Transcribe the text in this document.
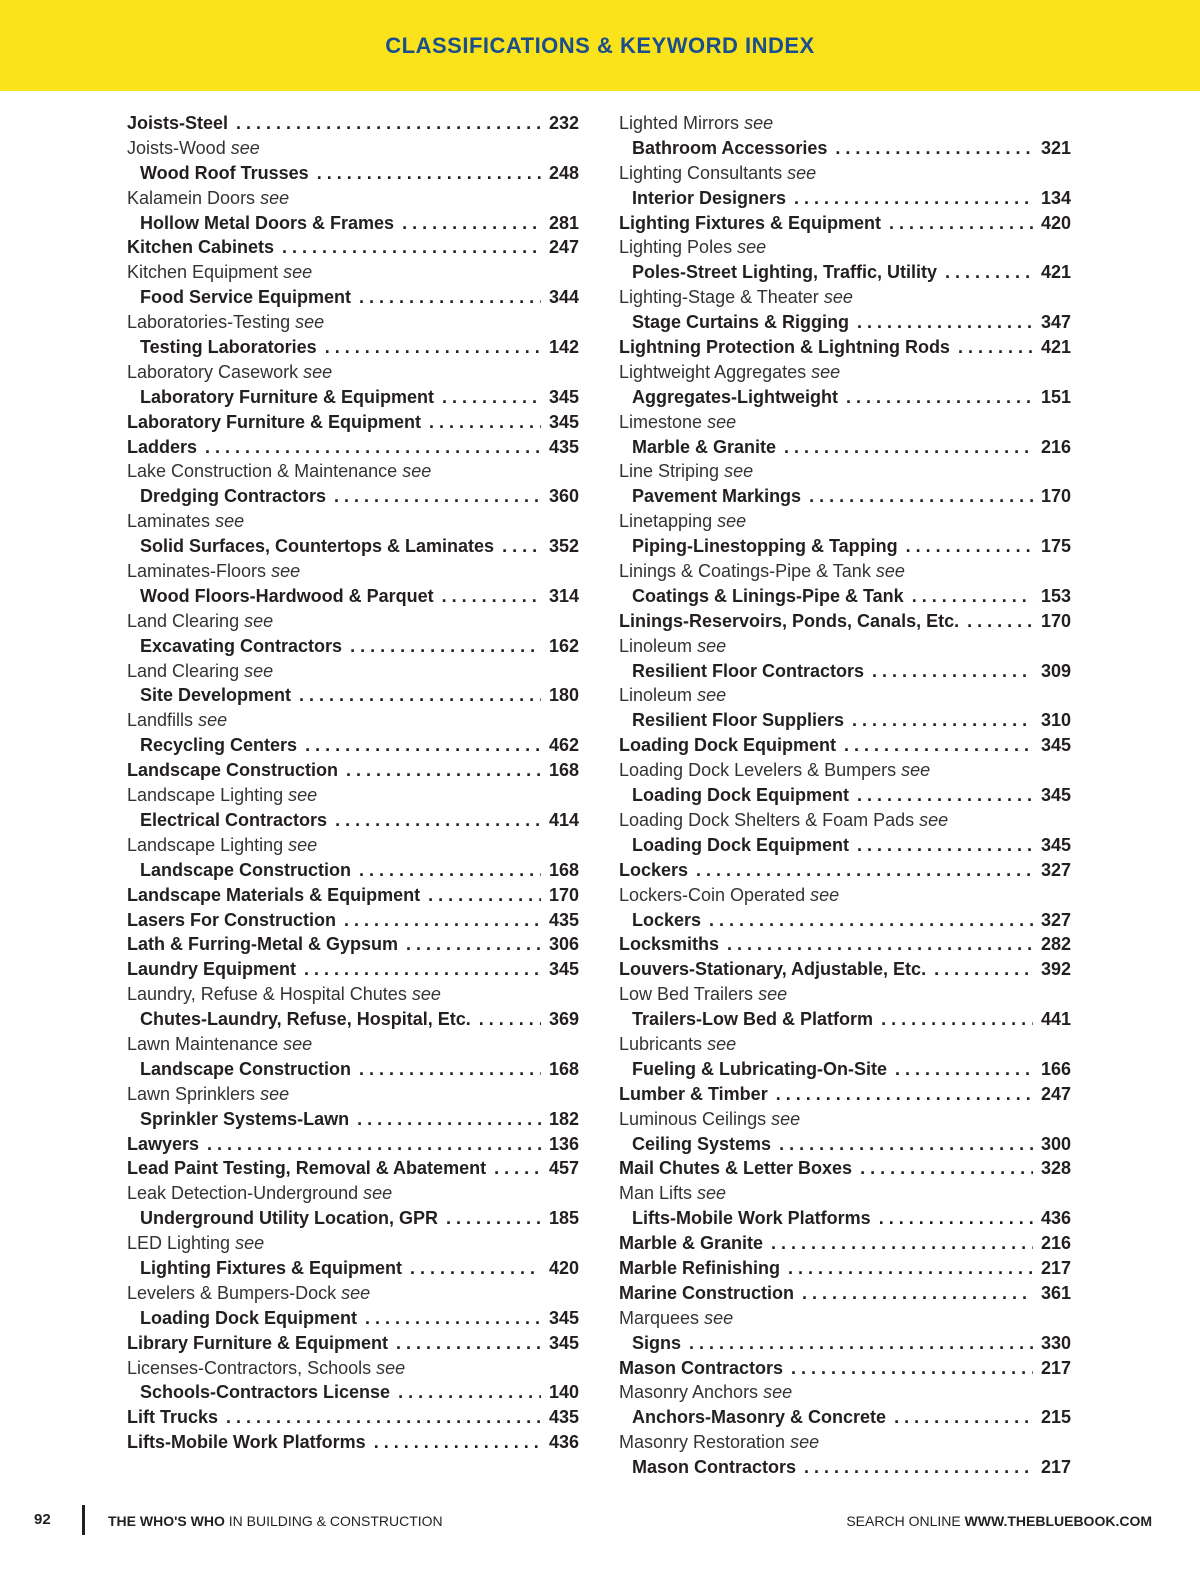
CLASSIFICATIONS & KEYWORD INDEX
Joists-Steel . . .	232
Joists-Wood see
Wood Roof Trusses . . .	248
Kalamein Doors see
Hollow Metal Doors & Frames . . .	281
Kitchen Cabinets . . .	247
Kitchen Equipment see
Food Service Equipment . . .	344
Laboratories-Testing see
Testing Laboratories . . .	142
Laboratory Casework see
Laboratory Furniture & Equipment . . .	345
Laboratory Furniture & Equipment . . .	345
Ladders . . .	435
Lake Construction & Maintenance see
Dredging Contractors . . .	360
Laminates see
Solid Surfaces, Countertops & Laminates . . .	352
Laminates-Floors see
Wood Floors-Hardwood & Parquet . . .	314
Land Clearing see
Excavating Contractors . . .	162
Land Clearing see
Site Development . . .	180
Landfills see
Recycling Centers . . .	462
Landscape Construction . . .	168
Landscape Lighting see
Electrical Contractors . . .	414
Landscape Lighting see
Landscape Construction . . .	168
Landscape Materials & Equipment . . .	170
Lasers For Construction . . .	435
Lath & Furring-Metal & Gypsum . . .	306
Laundry Equipment . . .	345
Laundry, Refuse & Hospital Chutes see
Chutes-Laundry, Refuse, Hospital, Etc. . . .	369
Lawn Maintenance see
Landscape Construction . . .	168
Lawn Sprinklers see
Sprinkler Systems-Lawn . . .	182
Lawyers . . .	136
Lead Paint Testing, Removal & Abatement . . .	457
Leak Detection-Underground see
Underground Utility Location, GPR . . .	185
LED Lighting see
Lighting Fixtures & Equipment . . .	420
Levelers & Bumpers-Dock see
Loading Dock Equipment . . .	345
Library Furniture & Equipment . . .	345
Licenses-Contractors, Schools see
Schools-Contractors License . . .	140
Lift Trucks . . .	435
Lifts-Mobile Work Platforms . . .	436
Lighted Mirrors see
Bathroom Accessories . . .	321
Lighting Consultants see
Interior Designers . . .	134
Lighting Fixtures & Equipment . . .	420
Lighting Poles see
Poles-Street Lighting, Traffic, Utility . . .	421
Lighting-Stage & Theater see
Stage Curtains & Rigging . . .	347
Lightning Protection & Lightning Rods . . .	421
Lightweight Aggregates see
Aggregates-Lightweight . . .	151
Limestone see
Marble & Granite . . .	216
Line Striping see
Pavement Markings . . .	170
Linetapping see
Piping-Linestopping & Tapping . . .	175
Linings & Coatings-Pipe & Tank see
Coatings & Linings-Pipe & Tank . . .	153
Linings-Reservoirs, Ponds, Canals, Etc. . . .	170
Linoleum see
Resilient Floor Contractors . . .	309
Linoleum see
Resilient Floor Suppliers . . .	310
Loading Dock Equipment . . .	345
Loading Dock Levelers & Bumpers see
Loading Dock Equipment . . .	345
Loading Dock Shelters & Foam Pads see
Loading Dock Equipment . . .	345
Lockers . . .	327
Lockers-Coin Operated see
Lockers . . .	327
Locksmiths . . .	282
Louvers-Stationary, Adjustable, Etc. . . .	392
Low Bed Trailers see
Trailers-Low Bed & Platform . . .	441
Lubricants see
Fueling & Lubricating-On-Site . . .	166
Lumber & Timber . . .	247
Luminous Ceilings see
Ceiling Systems . . .	300
Mail Chutes & Letter Boxes . . .	328
Man Lifts see
Lifts-Mobile Work Platforms . . .	436
Marble & Granite . . .	216
Marble Refinishing . . .	217
Marine Construction . . .	361
Marquees see
Signs . . .	330
Mason Contractors . . .	217
Masonry Anchors see
Anchors-Masonry & Concrete . . .	215
Masonry Restoration see
Mason Contractors . . .	217
92	THE WHO'S WHO IN BUILDING & CONSTRUCTION	SEARCH ONLINE WWW.THEBLUEBOOK.COM
